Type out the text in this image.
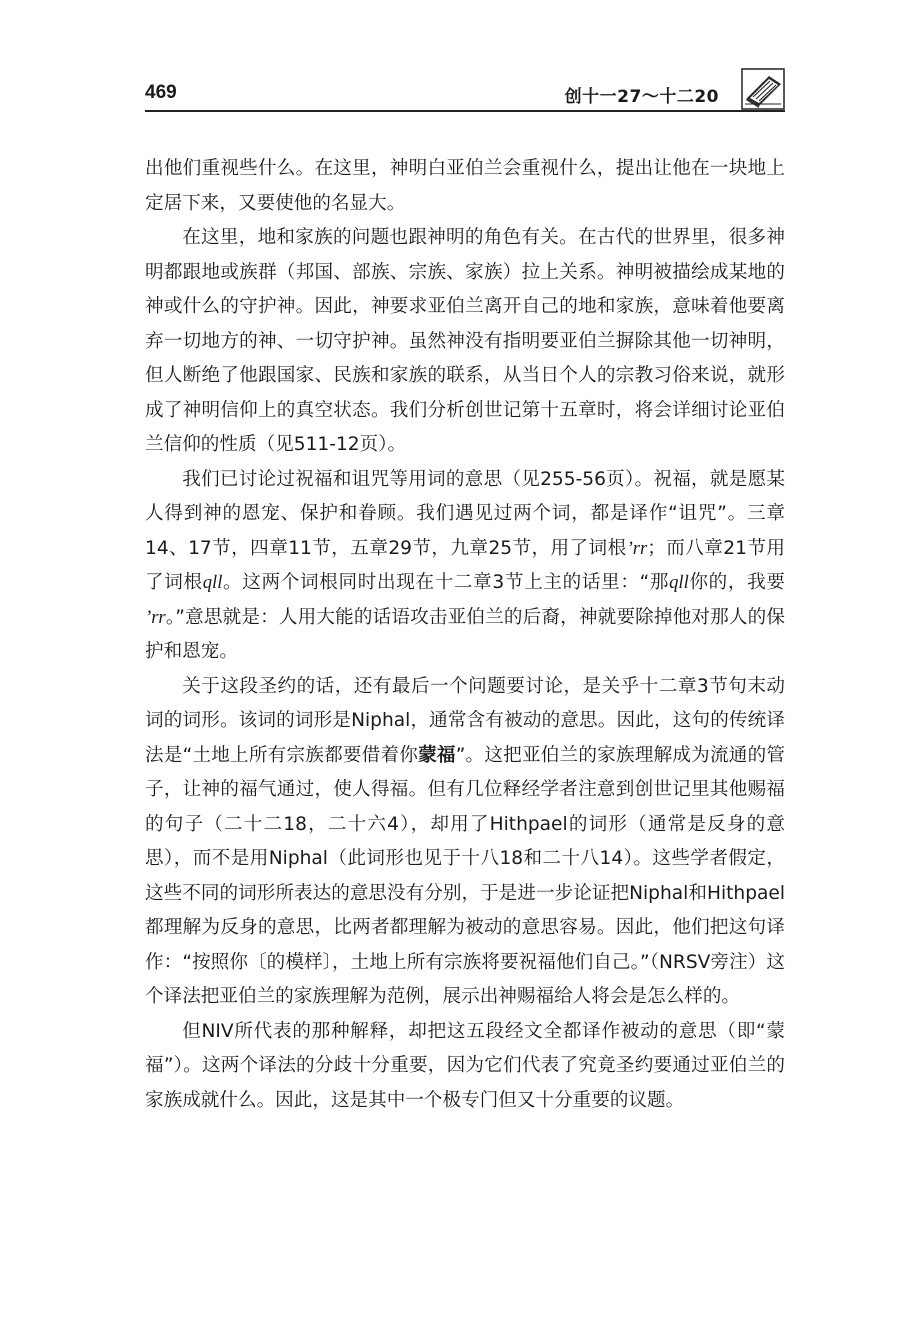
469	创十一27～十二20

出他们重视些什么。在这里，神明白亚伯兰会重视什么，提出让他在一块地上定居下来，又要使他的名显大。

在这里，地和家族的问题也跟神明的角色有关。在古代的世界里，很多神明都跟地或族群（邦国、部族、宗族、家族）拉上关系。神明被描绘成某地的神或什么的守护神。因此，神要求亚伯兰离开自己的地和家族，意味着他要离弃一切地方的神、一切守护神。虽然神没有指明要亚伯兰摒除其他一切神明，但人断绝了他跟国家、民族和家族的联系，从当日个人的宗教习俗来说，就形成了神明信仰上的真空状态。我们分析创世记第十五章时，将会详细讨论亚伯兰信仰的性质（见511-12页）。

我们已讨论过祝福和诅咒等用词的意思（见255-56页）。祝福，就是愿某人得到神的恩宠、保护和眷顾。我们遇见过两个词，都是译作“诅咒”。三章14、17节，四章11节，五章29节，九章25节，用了词根ʼrr；而八章21节用了词根qll。这两个词根同时出现在十二章3节上主的话里：“那qll你的，我要ʼrr。”意思就是：人用大能的话语攻击亚伯兰的后裔，神就要除掉他对那人的保护和恩宠。

关于这段圣约的话，还有最后一个问题要讨论，是关乎十二章3节句末动词的词形。该词的词形是Niphal，通常含有被动的意思。因此，这句的传统译法是“土地上所有宗族都要借着你蒙福”。这把亚伯兰的家族理解成为流通的管子，让神的福气通过，使人得福。但有几位释经学者注意到创世记里其他赐福的句子（二十二18，二十六4），却用了Hithpael的词形（通常是反身的意思），而不是用Niphal（此词形也见于十八18和二十八14）。这些学者假定，这些不同的词形所表达的意思没有分别，于是进一步论证把Niphal和Hithpael都理解为反身的意思，比两者都理解为被动的意思容易。因此，他们把这句译作：“按照你〔的模样〕，土地上所有宗族将要祝福他们自己。”（NRSV旁注）这个译法把亚伯兰的家族理解为范例，展示出神赐福给人将会是怎么样的。

但NIV所代表的那种解释，却把这五段经文全都译作被动的意思（即“蒙福”）。这两个译法的分歧十分重要，因为它们代表了究竟圣约要通过亚伯兰的家族成就什么。因此，这是其中一个极专门但又十分重要的议题。
